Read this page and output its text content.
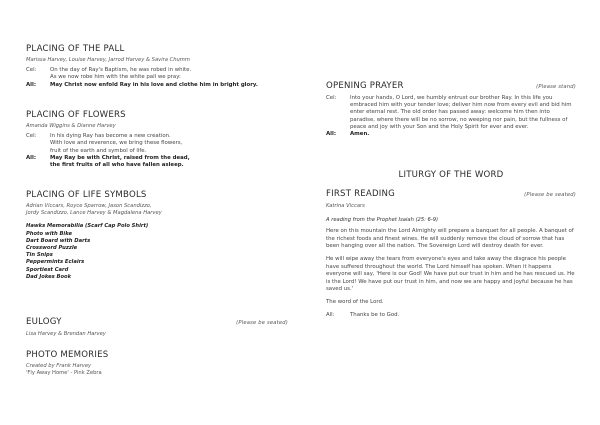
PLACING OF THE PALL
Marissa Harvey, Louise Harvey, Jarrod Harvey & Savira Chumm
Cel:	On the day of Ray's Baptism, he was robed in white.
As we now robe him with the white pall we pray:
All:	May Christ now enfold Ray in his love and clothe him in bright glory.
PLACING OF FLOWERS
Amanda Wiggins & Dianne Harvey
Cel:	In his dying Ray has become a new creation.
With love and reverence, we bring these flowers,
fruit of the earth and symbol of life.
All:	May Ray be with Christ, raised from the dead,
the first fruits of all who have fallen asleep.
PLACING OF LIFE SYMBOLS
Adrian Viccars, Royce Sparrow, Jason Scandizzo,
Jordy Scandizzo, Lance Harvey & Magdalena Harvey
Hawks Memorabilia (Scarf Cap Polo Shirt)
Photo with Bike
Dart Board with Darts
Crossword Puzzle
Tin Snips
Peppermints Eclairs
Sportiest Card
Dad Jokes Book
EULOGY	(Please be seated)
Lisa Harvey & Brendan Harvey
PHOTO MEMORIES
Created by Frank Harvey
'Fly Away Home' - Pink Zebra
OPENING PRAYER	(Please stand)
Cel:	Into your hands, O Lord, we humbly entrust our brother Ray. In this life you embraced him with your tender love; deliver him now from every evil and bid him enter eternal rest. The old order has passed away: welcome him then into paradise, where there will be no sorrow, no weeping nor pain, but the fullness of peace and joy with your Son and the Holy Spirit for ever and ever.
All:	Amen.
LITURGY OF THE WORD
FIRST READING	(Please be seated)
Katrina Viccars
A reading from the Prophet Isaiah (25: 6-9)

Here on this mountain the Lord Almighty will prepare a banquet for all people. A banquet of the richest foods and finest wines. He will suddenly remove the cloud of sorrow that has been hanging over all the nation. The Sovereign Lord will destroy death for ever.

He will wipe away the tears from everyone's eyes and take away the disgrace his people have suffered throughout the world. The Lord himself has spoken. When it happens everyone will say, 'Here is our God! We have put our trust in him and he has rescued us. He is the Lord! We have put our trust in him, and now we are happy and joyful because he has saved us.'

The word of the Lord.

All:	Thanks be to God.
